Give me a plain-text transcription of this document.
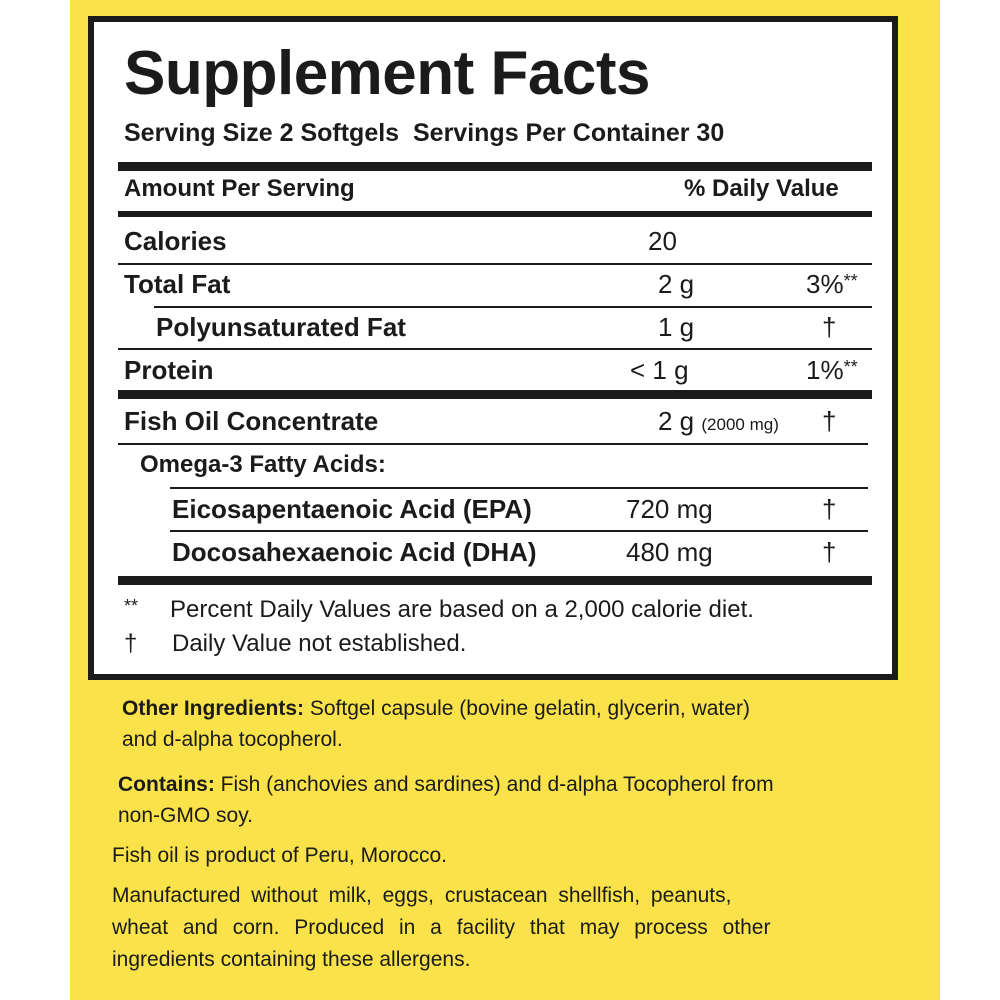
Supplement Facts
Serving Size 2 Softgels Servings Per Container 30
Amount Per Serving	% Daily Value
Calories	20
Total Fat	2 g	3%**
Polyunsaturated Fat	1 g	†
Protein	< 1 g	1%**
Fish Oil Concentrate	2 g (2000 mg) †
Omega-3 Fatty Acids:
Eicosapentaenoic Acid (EPA)	720 mg	†
Docosahexaenoic Acid (DHA)	480 mg	†
** Percent Daily Values are based on a 2,000 calorie diet.
† Daily Value not established.
Other Ingredients: Softgel capsule (bovine gelatin, glycerin, water)
and d-alpha tocopherol.
Contains: Fish (anchovies and sardines) and d-alpha Tocopherol from
non-GMO soy.
Fish oil is product of Peru, Morocco.
Manufactured without milk, eggs, crustacean shellfish, peanuts,
wheat and corn. Produced in a facility that may process other
ingredients containing these allergens.
